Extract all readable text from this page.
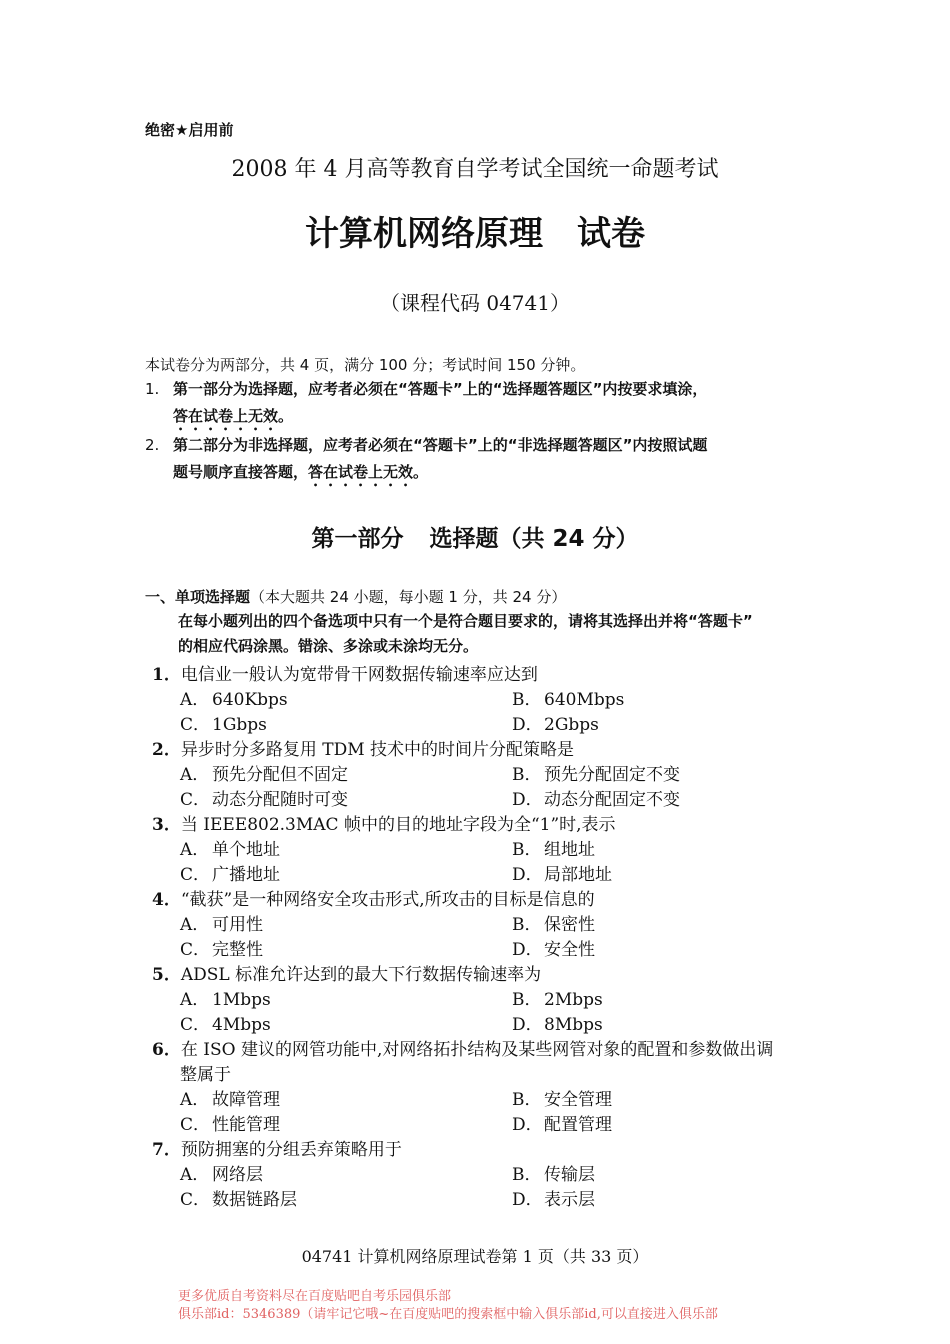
绝密★启用前
2008 年 4 月高等教育自学考试全国统一命题考试
计算机网络原理 试卷
（课程代码 04741）
本试卷分为两部分，共 4 页，满分 100 分；考试时间 150 分钟。
1. 第一部分为选择题，应考者必须在“答题卡”上的“选择题答题区”内按要求填涂，
答在试卷上无效。
2. 第二部分为非选择题，应考者必须在“答题卡”上的“非选择题答题区”内按照试题
题号顺序直接答题，答在试卷上无效。
第一部分 选择题（共 24 分）
一、单项选择题（本大题共 24 小题，每小题 1 分，共 24 分）
在每小题列出的四个备选项中只有一个是符合题目要求的，请将其选择出并将“答题卡”
的相应代码涂黑。错涂、多涂或未涂均无分。
1．电信业一般认为宽带骨干网数据传输速率应达到
A． 640Kbps	B． 640Mbps
C． 1Gbps	D．2Gbps
2．异步时分多路复用 TDM 技术中的时间片分配策略是
A． 预先分配但不固定	B． 预先分配固定不变
C． 动态分配随时可变	D．动态分配固定不变
3．当 IEEE802.3MAC 帧中的目的地址字段为全“1”时,表示
A． 单个地址	B． 组地址
C． 广播地址	D．局部地址
4．“截获”是一种网络安全攻击形式,所攻击的目标是信息的
A． 可用性	B． 保密性
C． 完整性	D．安全性
5．ADSL 标准允许达到的最大下行数据传输速率为
A． 1Mbps	B． 2Mbps
C． 4Mbps	D．8Mbps
6．在 ISO 建议的网管功能中,对网络拓扑结构及某些网管对象的配置和参数做出调
整属于
A． 故障管理	B． 安全管理
C． 性能管理	D．配置管理
7．预防拥塞的分组丢弃策略用于
A． 网络层	B． 传输层
C． 数据链路层	D．表示层
04741 计算机网络原理试卷第 1 页（共 33 页）
更多优质自考资料尽在百度贴吧自考乐园俱乐部
俱乐部id：5346389（请牢记它哦~在百度贴吧的搜索框中输入俱乐部id,可以直接进入俱乐部
